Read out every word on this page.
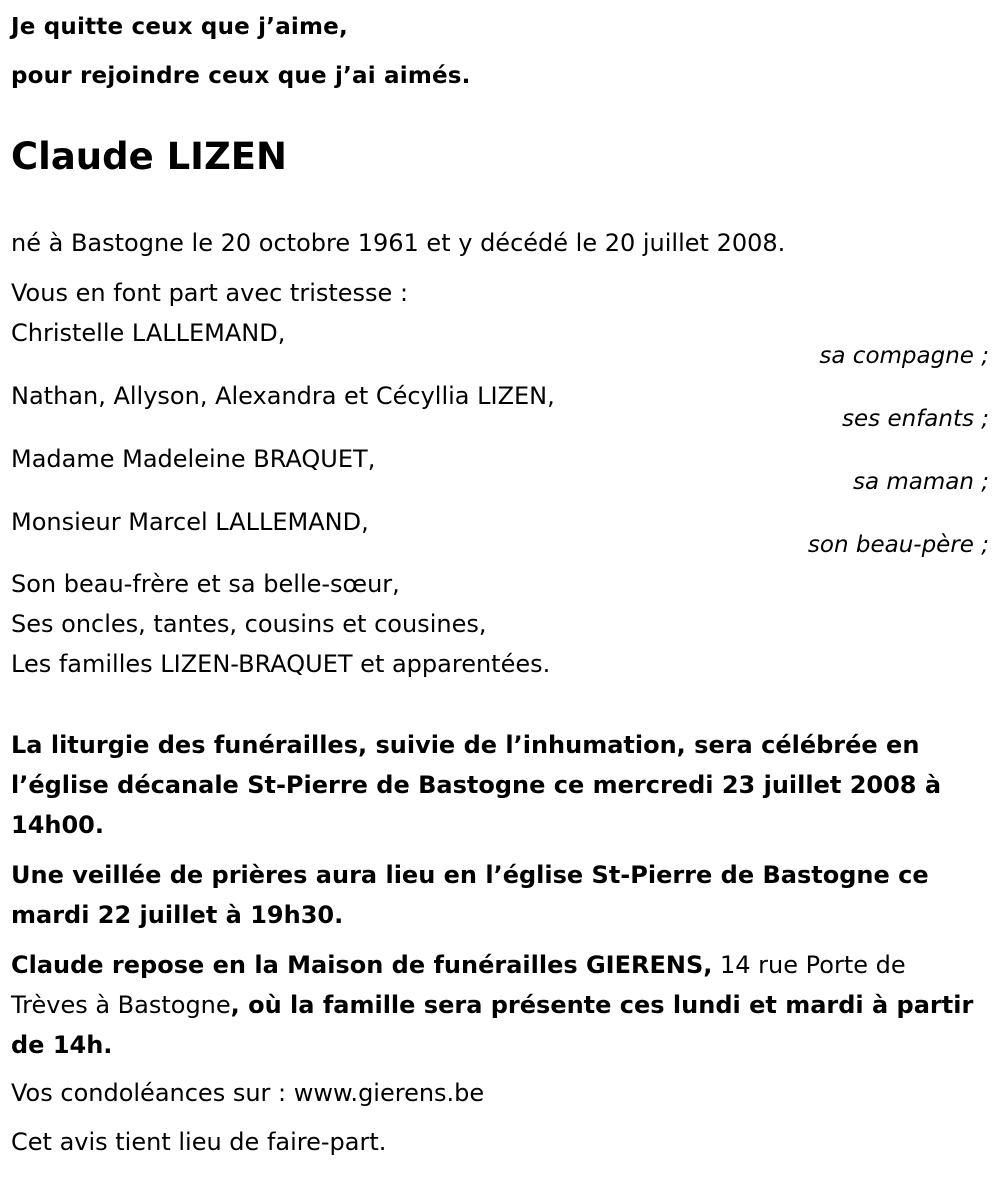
Je quitte ceux que j’aime,
pour rejoindre ceux que j’ai aimés.
Claude LIZEN
né à Bastogne le 20 octobre 1961 et y décédé le 20 juillet 2008.
Vous en font part avec tristesse :
Christelle LALLEMAND,
sa compagne ;
Nathan, Allyson, Alexandra et Cécyllia LIZEN,
ses enfants ;
Madame Madeleine BRAQUET,
sa maman ;
Monsieur Marcel LALLEMAND,
son beau-père ;
Son beau-frère et sa belle-sœur,
Ses oncles, tantes, cousins et cousines,
Les familles LIZEN-BRAQUET et apparentées.
La liturgie des funérailles, suivie de l’inhumation, sera célébrée en l’église décanale St-Pierre de Bastogne ce mercredi 23 juillet 2008 à 14h00.
Une veillée de prières aura lieu en l’église St-Pierre de Bastogne ce mardi 22 juillet à 19h30.
Claude repose en la Maison de funérailles GIERENS, 14 rue Porte de Trèves à Bastogne, où la famille sera présente ces lundi et mardi à partir de 14h.
Vos condoléances sur : www.gierens.be
Cet avis tient lieu de faire-part.
